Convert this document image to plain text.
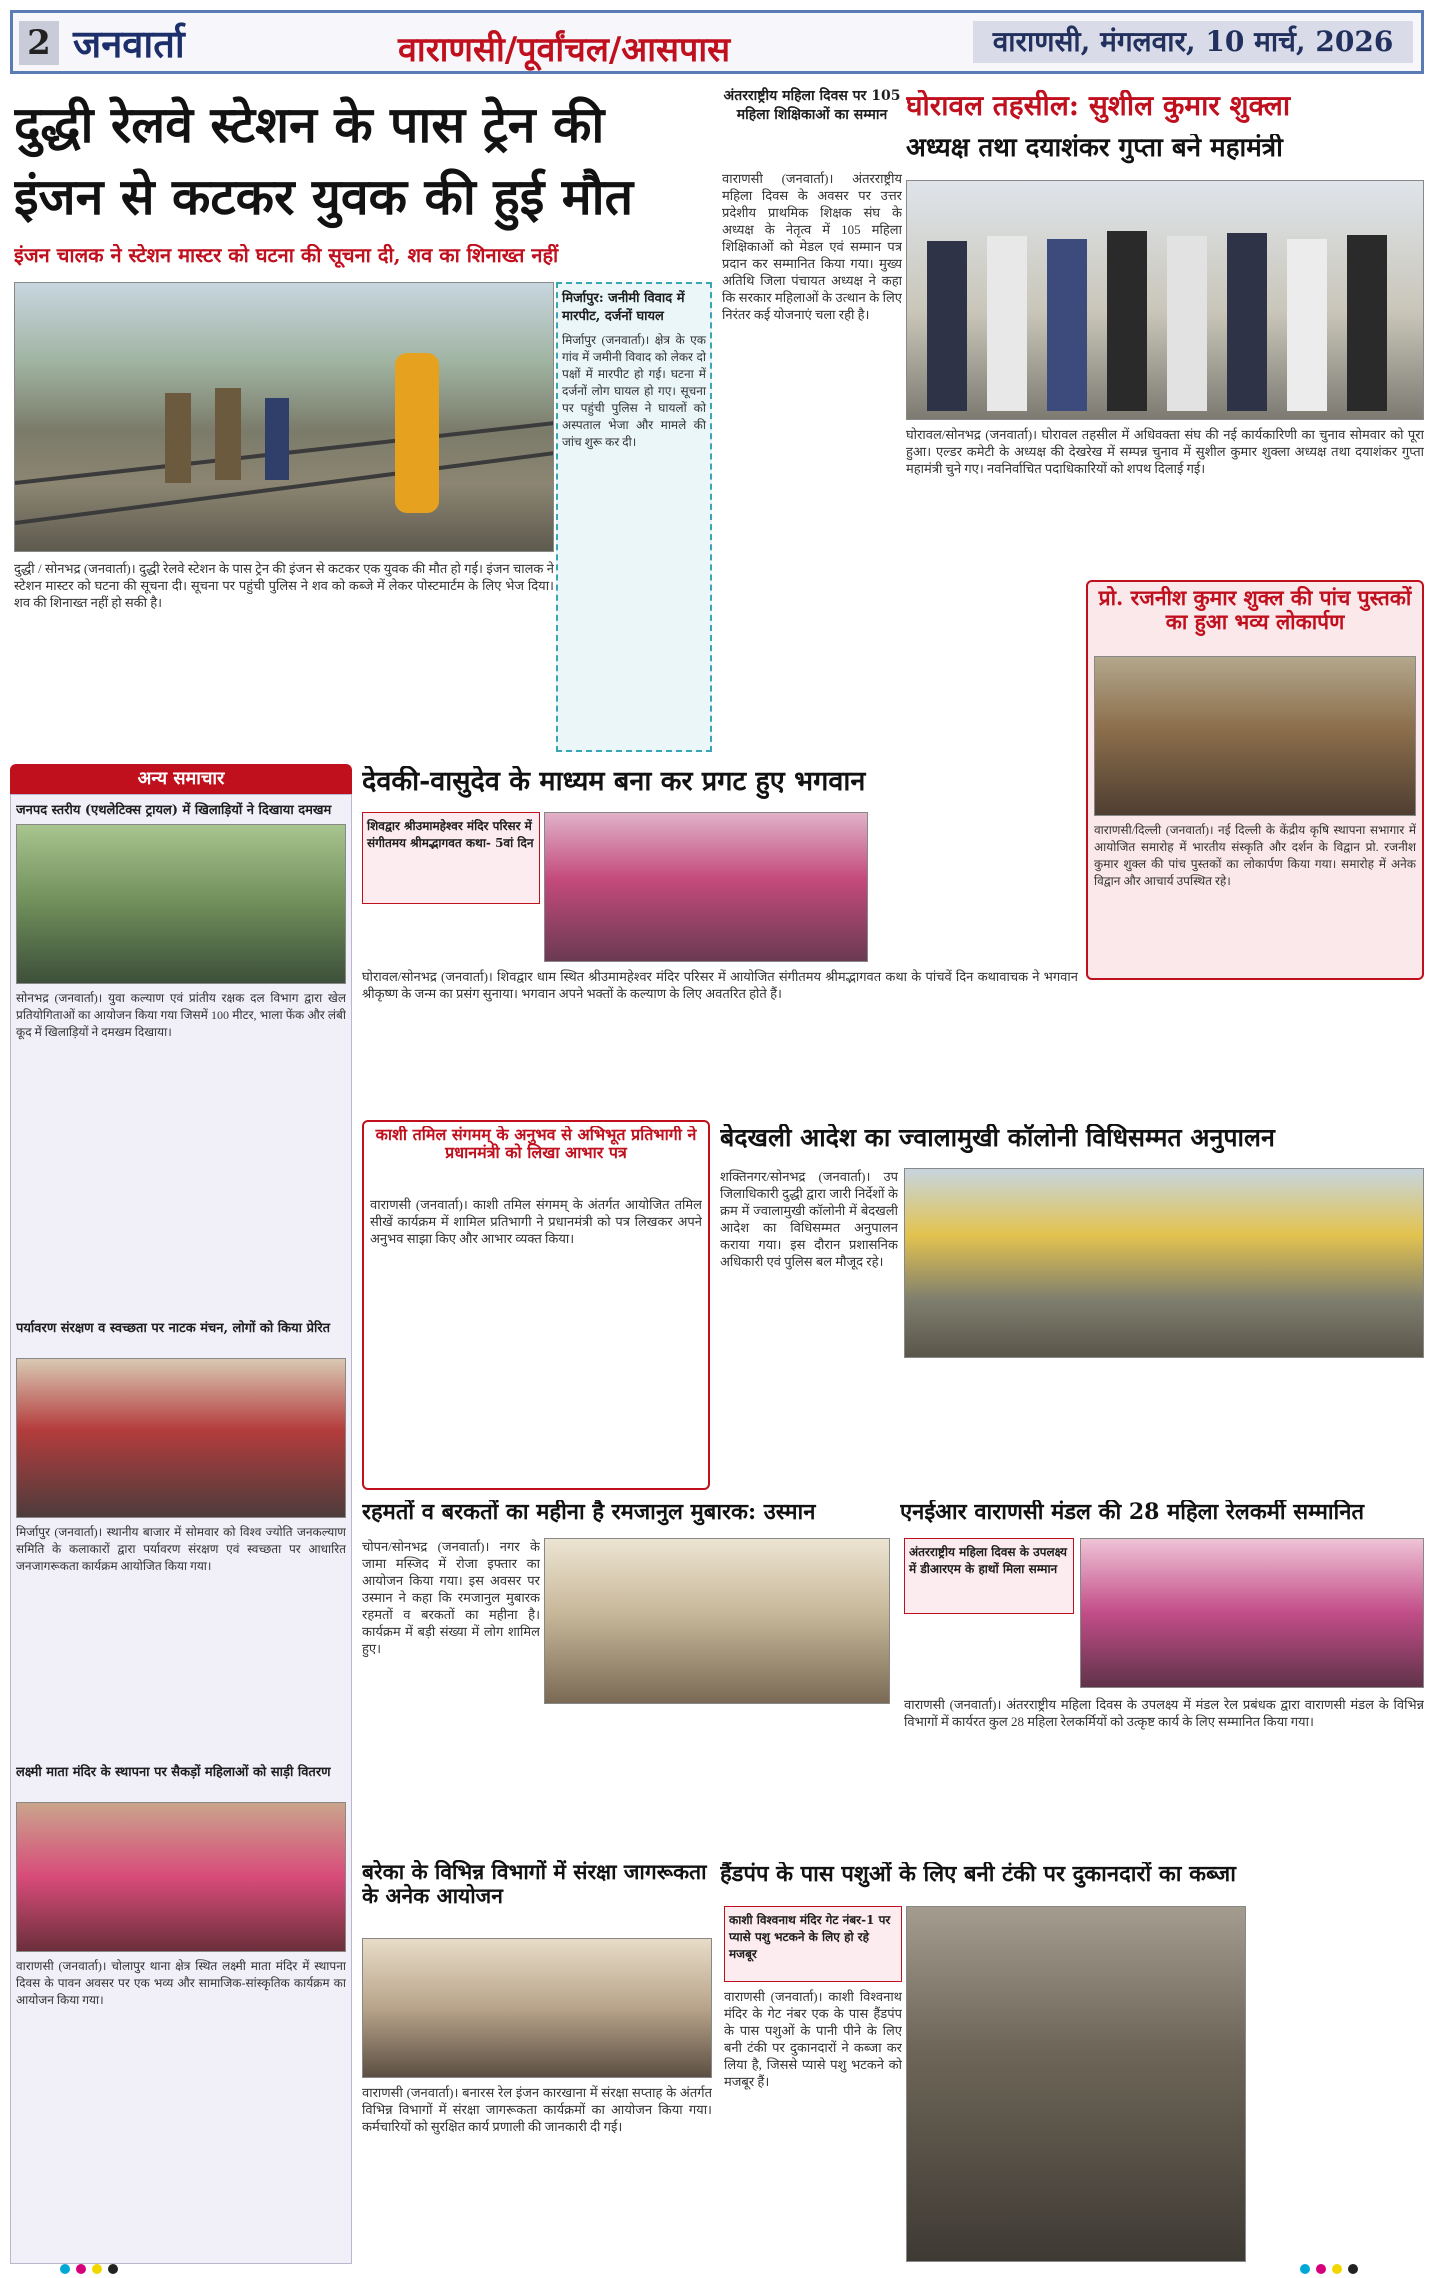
2 जनवार्ता	वाराणसी/पूर्वांचल/आसपास	वाराणसी, मंगलवार, 10 मार्च, 2026
दुद्धी रेलवे स्टेशन के पास ट्रेन की
इंजन से कटकर युवक की हुई मौत
इंजन चालक ने स्टेशन मास्टर को घटना की सूचना दी, शव का शिनाख्त नहीं
दुद्धी / सोनभद्र (जनवार्ता)। दुद्धी रेलवे स्टेशन के पास ट्रेन की इंजन से कटकर एक युवक की मौत हो गई। इंजन चालक ने स्टेशन मास्टर को घटना की सूचना दी। सूचना पर पहुंची पुलिस ने शव को कब्जे में लेकर पोस्टमार्टम के लिए भेज दिया। शव की शिनाख्त नहीं हो सकी है।
मिर्जापुर: जनीमी विवाद में मारपीट, दर्जनों घायल
मिर्जापुर (जनवार्ता)। क्षेत्र के एक गांव में जमीनी विवाद को लेकर दो पक्षों में मारपीट हो गई। घटना में दर्जनों लोग घायल हो गए। सूचना पर पहुंची पुलिस ने घायलों को अस्पताल भेजा और मामले की जांच शुरू कर दी।
अंतरराष्ट्रीय महिला दिवस पर 105 महिला शिक्षिकाओं का सम्मान
वाराणसी (जनवार्ता)। अंतरराष्ट्रीय महिला दिवस के अवसर पर उत्तर प्रदेशीय प्राथमिक शिक्षक संघ के अध्यक्ष के नेतृत्व में 105 महिला शिक्षिकाओं को मेडल एवं सम्मान पत्र प्रदान कर सम्मानित किया गया। मुख्य अतिथि जिला पंचायत अध्यक्ष ने कहा कि सरकार महिलाओं के उत्थान के लिए निरंतर कई योजनाएं चला रही है।
घोरावल तहसील: सुशील कुमार शुक्ला
अध्यक्ष तथा दयाशंकर गुप्ता बने महामंत्री
घोरावल/सोनभद्र (जनवार्ता)। घोरावल तहसील में अधिवक्ता संघ की नई कार्यकारिणी का चुनाव सोमवार को पूरा हुआ। एल्डर कमेटी के अध्यक्ष की देखरेख में सम्पन्न चुनाव में सुशील कुमार शुक्ला अध्यक्ष तथा दयाशंकर गुप्ता महामंत्री चुने गए। नवनिर्वाचित पदाधिकारियों को शपथ दिलाई गई।
प्रो. रजनीश कुमार शुक्ल की पांच पुस्तकों का हुआ भव्य लोकार्पण
वाराणसी/दिल्ली (जनवार्ता)। नई दिल्ली के केंद्रीय कृषि स्थापना सभागार में आयोजित समारोह में भारतीय संस्कृति और दर्शन के विद्वान प्रो. रजनीश कुमार शुक्ल की पांच पुस्तकों का लोकार्पण किया गया। समारोह में अनेक विद्वान और आचार्य उपस्थित रहे।
अन्य समाचार
जनपद स्तरीय (एथलेटिक्स ट्रायल) में खिलाड़ियों ने दिखाया दमखम
सोनभद्र (जनवार्ता)। युवा कल्याण एवं प्रांतीय रक्षक दल विभाग द्वारा खेल प्रतियोगिताओं का आयोजन किया गया जिसमें 100 मीटर, भाला फेंक और लंबी कूद में खिलाड़ियों ने दमखम दिखाया।
पर्यावरण संरक्षण व स्वच्छता पर नाटक मंचन, लोगों को किया प्रेरित
मिर्जापुर (जनवार्ता)। स्थानीय बाजार में सोमवार को विश्व ज्योति जनकल्याण समिति के कलाकारों द्वारा पर्यावरण संरक्षण एवं स्वच्छता पर आधारित जनजागरूकता कार्यक्रम आयोजित किया गया।
लक्ष्मी माता मंदिर के स्थापना पर सैकड़ों महिलाओं को साड़ी वितरण
वाराणसी (जनवार्ता)। चोलापुर थाना क्षेत्र स्थित लक्ष्मी माता मंदिर में स्थापना दिवस के पावन अवसर पर एक भव्य और सामाजिक-सांस्कृतिक कार्यक्रम का आयोजन किया गया।
देवकी-वासुदेव के माध्यम बना कर प्रगट हुए भगवान
शिवद्वार श्रीउमामहेश्वर मंदिर परिसर में संगीतमय श्रीमद्भागवत कथा- 5वां दिन
घोरावल/सोनभद्र (जनवार्ता)। शिवद्वार धाम स्थित श्रीउमामहेश्वर मंदिर परिसर में आयोजित संगीतमय श्रीमद्भागवत कथा के पांचवें दिन कथावाचक ने भगवान श्रीकृष्ण के जन्म का प्रसंग सुनाया। भगवान अपने भक्तों के कल्याण के लिए अवतरित होते हैं।
काशी तमिल संगमम् के अनुभव से अभिभूत प्रतिभागी ने प्रधानमंत्री को लिखा आभार पत्र
वाराणसी (जनवार्ता)। काशी तमिल संगमम् के अंतर्गत आयोजित तमिल सीखें कार्यक्रम में शामिल प्रतिभागी ने प्रधानमंत्री को पत्र लिखकर अपने अनुभव साझा किए और आभार व्यक्त किया।
बेदखली आदेश का ज्वालामुखी कॉलोनी विधिसम्मत अनुपालन
शक्तिनगर/सोनभद्र (जनवार्ता)। उप जिलाधिकारी दुद्धी द्वारा जारी निर्देशों के क्रम में ज्वालामुखी कॉलोनी में बेदखली आदेश का विधिसम्मत अनुपालन कराया गया। इस दौरान प्रशासनिक अधिकारी एवं पुलिस बल मौजूद रहे।
रहमतों व बरकतों का महीना है रमजानुल मुबारक: उस्मान
चोपन/सोनभद्र (जनवार्ता)। नगर के जामा मस्जिद में रोजा इफ्तार का आयोजन किया गया। इस अवसर पर उस्मान ने कहा कि रमजानुल मुबारक रहमतों व बरकतों का महीना है। कार्यक्रम में बड़ी संख्या में लोग शामिल हुए।
एनईआर वाराणसी मंडल की 28 महिला रेलकर्मी सम्मानित
अंतरराष्ट्रीय महिला दिवस के उपलक्ष्य में डीआरएम के हाथों मिला सम्मान
वाराणसी (जनवार्ता)। अंतरराष्ट्रीय महिला दिवस के उपलक्ष्य में मंडल रेल प्रबंधक द्वारा वाराणसी मंडल के विभिन्न विभागों में कार्यरत कुल 28 महिला रेलकर्मियों को उत्कृष्ट कार्य के लिए सम्मानित किया गया।
बरेका के विभिन्न विभागों में संरक्षा जागरूकता के अनेक आयोजन
वाराणसी (जनवार्ता)। बनारस रेल इंजन कारखाना में संरक्षा सप्ताह के अंतर्गत विभिन्न विभागों में संरक्षा जागरूकता कार्यक्रमों का आयोजन किया गया। कर्मचारियों को सुरक्षित कार्य प्रणाली की जानकारी दी गई।
हैंडपंप के पास पशुओं के लिए बनी टंकी पर दुकानदारों का कब्जा
काशी विश्वनाथ मंदिर गेट नंबर-1 पर प्यासे पशु भटकने के लिए हो रहे मजबूर
वाराणसी (जनवार्ता)। काशी विश्वनाथ मंदिर के गेट नंबर एक के पास हैंडपंप के पास पशुओं के पानी पीने के लिए बनी टंकी पर दुकानदारों ने कब्जा कर लिया है, जिससे प्यासे पशु भटकने को मजबूर हैं।
